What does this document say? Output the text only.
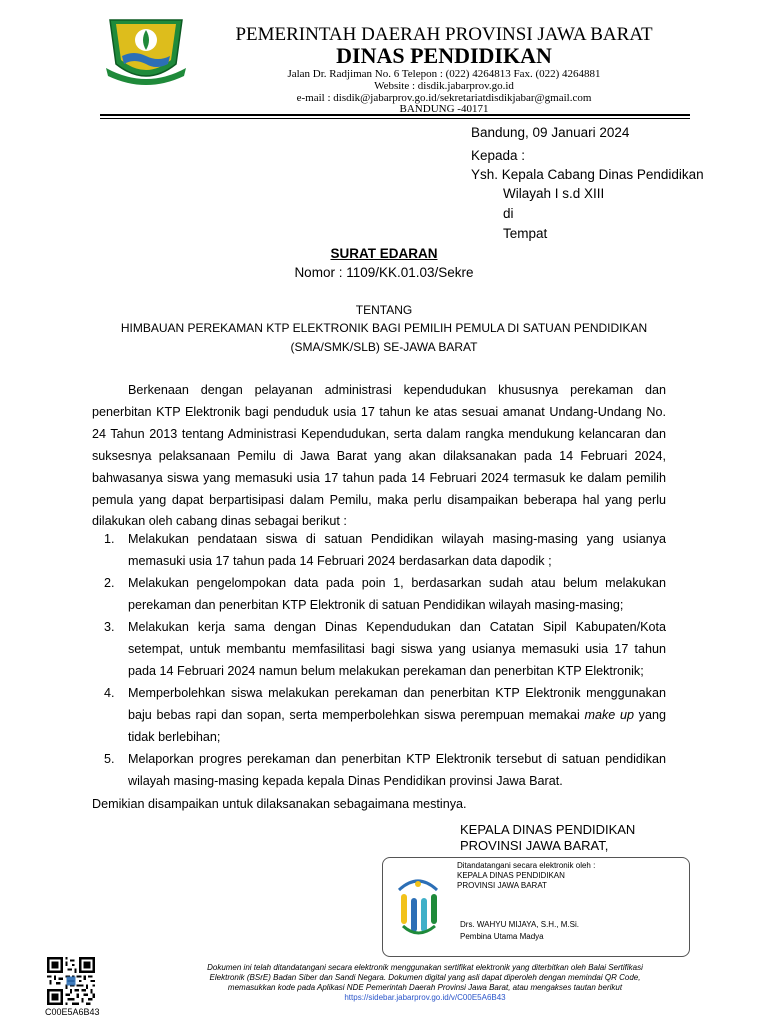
PEMERINTAH DAERAH PROVINSI JAWA BARAT
DINAS PENDIDIKAN
Jalan Dr. Radjiman No. 6 Telepon : (022) 4264813 Fax. (022) 4264881
Website : disdik.jabarprov.go.id
e-mail : disdik@jabarprov.go.id/sekretariatdisdikjabar@gmail.com
BANDUNG -40171
Bandung, 09 Januari 2024
Kepada :
Ysh. Kepala Cabang Dinas Pendidikan
Wilayah I s.d XIII
di
Tempat
SURAT EDARAN
Nomor : 1109/KK.01.03/Sekre
TENTANG
HIMBAUAN PEREKAMAN KTP ELEKTRONIK BAGI PEMILIH PEMULA DI SATUAN PENDIDIKAN
(SMA/SMK/SLB) SE-JAWA BARAT
Berkenaan dengan pelayanan administrasi kependudukan khususnya perekaman dan penerbitan KTP Elektronik bagi penduduk usia 17 tahun ke atas sesuai amanat Undang-Undang No. 24 Tahun 2013 tentang Administrasi Kependudukan, serta dalam rangka mendukung kelancaran dan suksesnya pelaksanaan Pemilu di Jawa Barat yang akan dilaksanakan pada 14 Februari 2024, bahwasanya siswa yang memasuki usia 17 tahun pada 14 Februari 2024 termasuk ke dalam pemilih pemula yang dapat berpartisipasi dalam Pemilu, maka perlu disampaikan beberapa hal yang perlu dilakukan oleh cabang dinas sebagai berikut :
1. Melakukan pendataan siswa di satuan Pendidikan wilayah masing-masing yang usianya memasuki usia 17 tahun pada 14 Februari 2024 berdasarkan data dapodik ;
2. Melakukan pengelompokan data pada poin 1, berdasarkan sudah atau belum melakukan perekaman dan penerbitan KTP Elektronik di satuan Pendidikan wilayah masing-masing;
3. Melakukan kerja sama dengan Dinas Kependudukan dan Catatan Sipil Kabupaten/Kota setempat, untuk membantu memfasilitasi bagi siswa yang usianya memasuki usia 17 tahun pada 14 Februari 2024 namun belum melakukan perekaman dan penerbitan KTP Elektronik;
4. Memperbolehkan siswa melakukan perekaman dan penerbitan KTP Elektronik menggunakan baju bebas rapi dan sopan, serta memperbolehkan siswa perempuan memakai make up yang tidak berlebihan;
5. Melaporkan progres perekaman dan penerbitan KTP Elektronik tersebut di satuan pendidikan wilayah masing-masing kepada kepala Dinas Pendidikan provinsi Jawa Barat.
Demikian disampaikan untuk dilaksanakan sebagaimana mestinya.
KEPALA DINAS PENDIDIKAN
PROVINSI JAWA BARAT,
Ditandatangani secara elektronik oleh :
KEPALA DINAS PENDIDIKAN
PROVINSI JAWA BARAT
Drs. WAHYU MIJAYA, S.H., M.Si.
Pembina Utama Madya
C00E5A6B43
Dokumen ini telah ditandatangani secara elektronik menggunakan sertifikat elektronik yang diterbitkan oleh Balai Sertifikasi
Elektronik (BSrE) Badan Siber dan Sandi Negara. Dokumen digital yang asli dapat diperoleh dengan memindai QR Code,
memasukkan kode pada Aplikasi NDE Pemerintah Daerah Provinsi Jawa Barat, atau mengakses tautan berikut
https://sidebar.jabarprov.go.id/v/C00E5A6B43
